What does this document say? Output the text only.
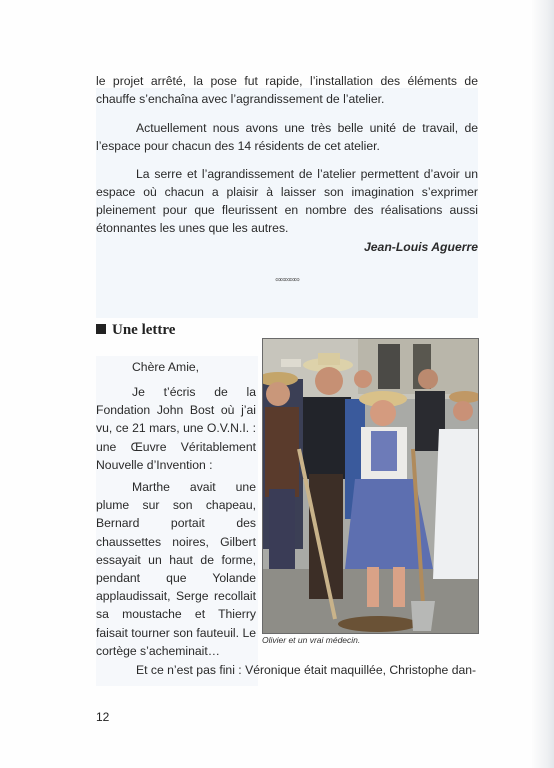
le projet arrêté, la pose fut rapide, l’installation des éléments de chauffe s’enchaîna avec l’agrandissement de l’atelier.

Actuellement nous avons une très belle unité de travail, de l’espace pour chacun des 14 résidents de cet atelier.

La serre et l’agrandissement de l’atelier permettent d’avoir un espace où chacun a plaisir à laisser son imagination s’exprimer pleinement pour que fleurissent en nombre des réalisations aussi étonnantes les unes que les autres.

Jean-Louis Aguerre
∞∞∞∞∞
Une lettre

Chère Amie,

Je t’écris de la Fondation John Bost où j’ai vu, ce 21 mars, une O.V.N.I. : une Œuvre Véritablement Nouvelle d’Invention :

Marthe avait une plume sur son chapeau, Bernard portait des chaussettes noires, Gilbert essayait un haut de forme, pendant que Yolande applaudissait, Serge recollait sa moustache et Thierry faisait tourner son fauteuil. Le cortège s’acheminait…

Et ce n’est pas fini : Véronique était maquillée, Christophe dan-

Olivier et un vrai médecin.
12
